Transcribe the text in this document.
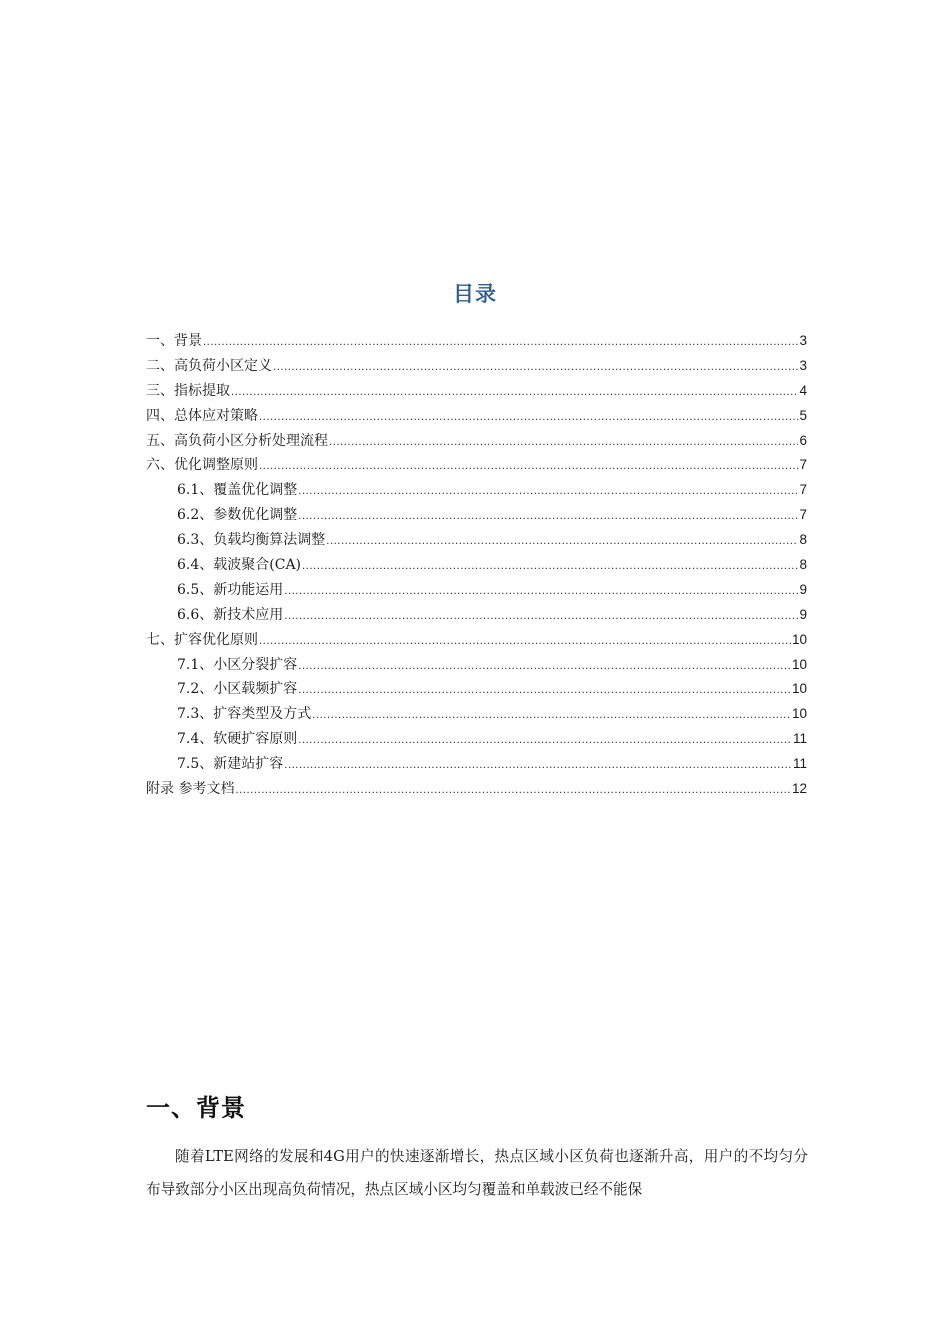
目录
一、背景 .....	3
二、高负荷小区定义 .....	3
三、指标提取 .....	4
四、总体应对策略 .....	5
五、高负荷小区分析处理流程 .....	6
六、优化调整原则 .....	7
6.1、覆盖优化调整 .....	7
6.2、参数优化调整 .....	7
6.3、负载均衡算法调整 .....	8
6.4、载波聚合(CA) .....	8
6.5、新功能运用 .....	9
6.6、新技术应用 .....	9
七、扩容优化原则 .....	10
7.1、小区分裂扩容 .....	10
7.2、小区载频扩容 .....	10
7.3、扩容类型及方式 .....	10
7.4、软硬扩容原则 .....	11
7.5、新建站扩容 .....	11
附录 参考文档 .....	12
一、背景
随着LTE网络的发展和4G用户的快速逐渐增长，热点区域小区负荷也逐渐升高，用户的不均匀分布导致部分小区出现高负荷情况，热点区域小区均匀覆盖和单载波已经不能保
